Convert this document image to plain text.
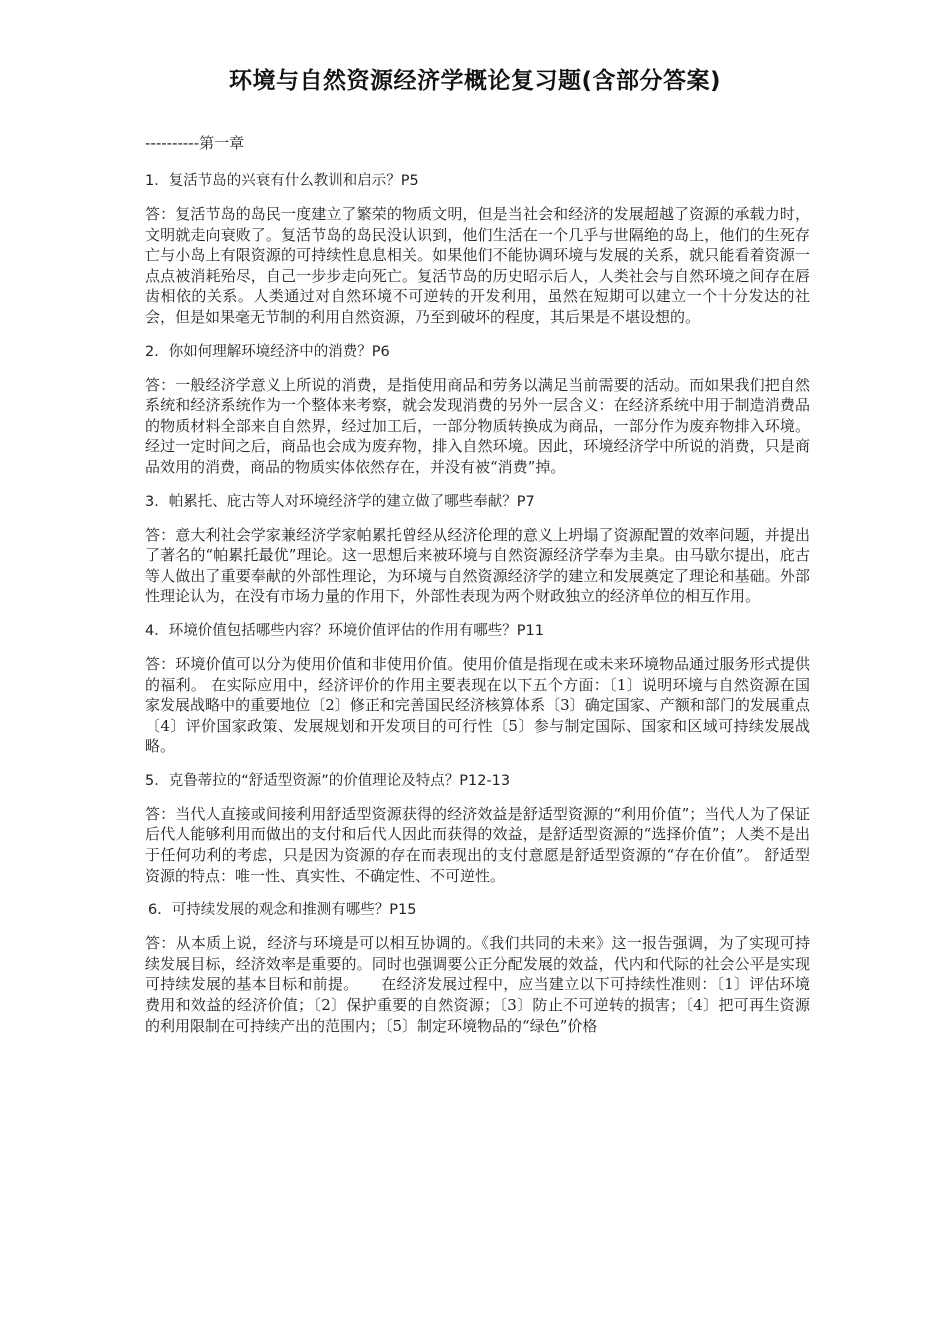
环境与自然资源经济学概论复习题(含部分答案)
----------第一章
1．复活节岛的兴衰有什么教训和启示？P5
答：复活节岛的岛民一度建立了繁荣的物质文明，但是当社会和经济的发展超越了资源的承载力时，文明就走向衰败了。复活节岛的岛民没认识到，他们生活在一个几乎与世隔绝的岛上，他们的生死存亡与小岛上有限资源的可持续性息息相关。如果他们不能协调环境与发展的关系，就只能看着资源一点点被消耗殆尽，自己一步步走向死亡。复活节岛的历史昭示后人，人类社会与自然环境之间存在唇齿相依的关系。人类通过对自然环境不可逆转的开发利用，虽然在短期可以建立一个十分发达的社会，但是如果毫无节制的利用自然资源，乃至到破坏的程度，其后果是不堪设想的。
2．你如何理解环境经济中的消费？P6
答：一般经济学意义上所说的消费，是指使用商品和劳务以满足当前需要的活动。而如果我们把自然系统和经济系统作为一个整体来考察，就会发现消费的另外一层含义：在经济系统中用于制造消费品的物质材料全部来自自然界，经过加工后，一部分物质转换成为商品，一部分作为废弃物排入环境。经过一定时间之后，商品也会成为废弃物，排入自然环境。因此，环境经济学中所说的消费，只是商品效用的消费，商品的物质实体依然存在，并没有被“消费”掉。
3．帕累托、庇古等人对环境经济学的建立做了哪些奉献？P7
答：意大利社会学家兼经济学家帕累托曾经从经济伦理的意义上坍塌了资源配置的效率问题，并提出了著名的“帕累托最优”理论。这一思想后来被环境与自然资源经济学奉为圭臬。由马歇尔提出，庇古等人做出了重要奉献的外部性理论，为环境与自然资源经济学的建立和发展奠定了理论和基础。外部性理论认为，在没有市场力量的作用下，外部性表现为两个财政独立的经济单位的相互作用。
4．环境价值包括哪些内容？环境价值评估的作用有哪些？P11
答：环境价值可以分为使用价值和非使用价值。使用价值是指现在或未来环境物品通过服务形式提供的福利。 在实际应用中，经济评价的作用主要表现在以下五个方面：〔1〕说明环境与自然资源在国家发展战略中的重要地位〔2〕修正和完善国民经济核算体系〔3〕确定国家、产额和部门的发展重点〔4〕评价国家政策、发展规划和开发项目的可行性〔5〕参与制定国际、国家和区域可持续发展战略。
5．克鲁蒂拉的“舒适型资源”的价值理论及特点？P12-13
答：当代人直接或间接利用舒适型资源获得的经济效益是舒适型资源的“利用价值”；当代人为了保证后代人能够利用而做出的支付和后代人因此而获得的效益，是舒适型资源的“选择价值”；人类不是出于任何功利的考虑，只是因为资源的存在而表现出的支付意愿是舒适型资源的“存在价值”。 舒适型资源的特点：唯一性、真实性、不确定性、不可逆性。
6．可持续发展的观念和推测有哪些？P15
答：从本质上说，经济与环境是可以相互协调的。《我们共同的未来》这一报告强调，为了实现可持续发展目标，经济效率是重要的。同时也强调要公正分配发展的效益，代内和代际的社会公平是实现可持续发展的基本目标和前提。　　在经济发展过程中，应当建立以下可持续性准则：〔1〕评估环境费用和效益的经济价值；〔2〕保护重要的自然资源；〔3〕防止不可逆转的损害；〔4〕把可再生资源的利用限制在可持续产出的范围内；〔5〕制定环境物品的“绿色”价格
